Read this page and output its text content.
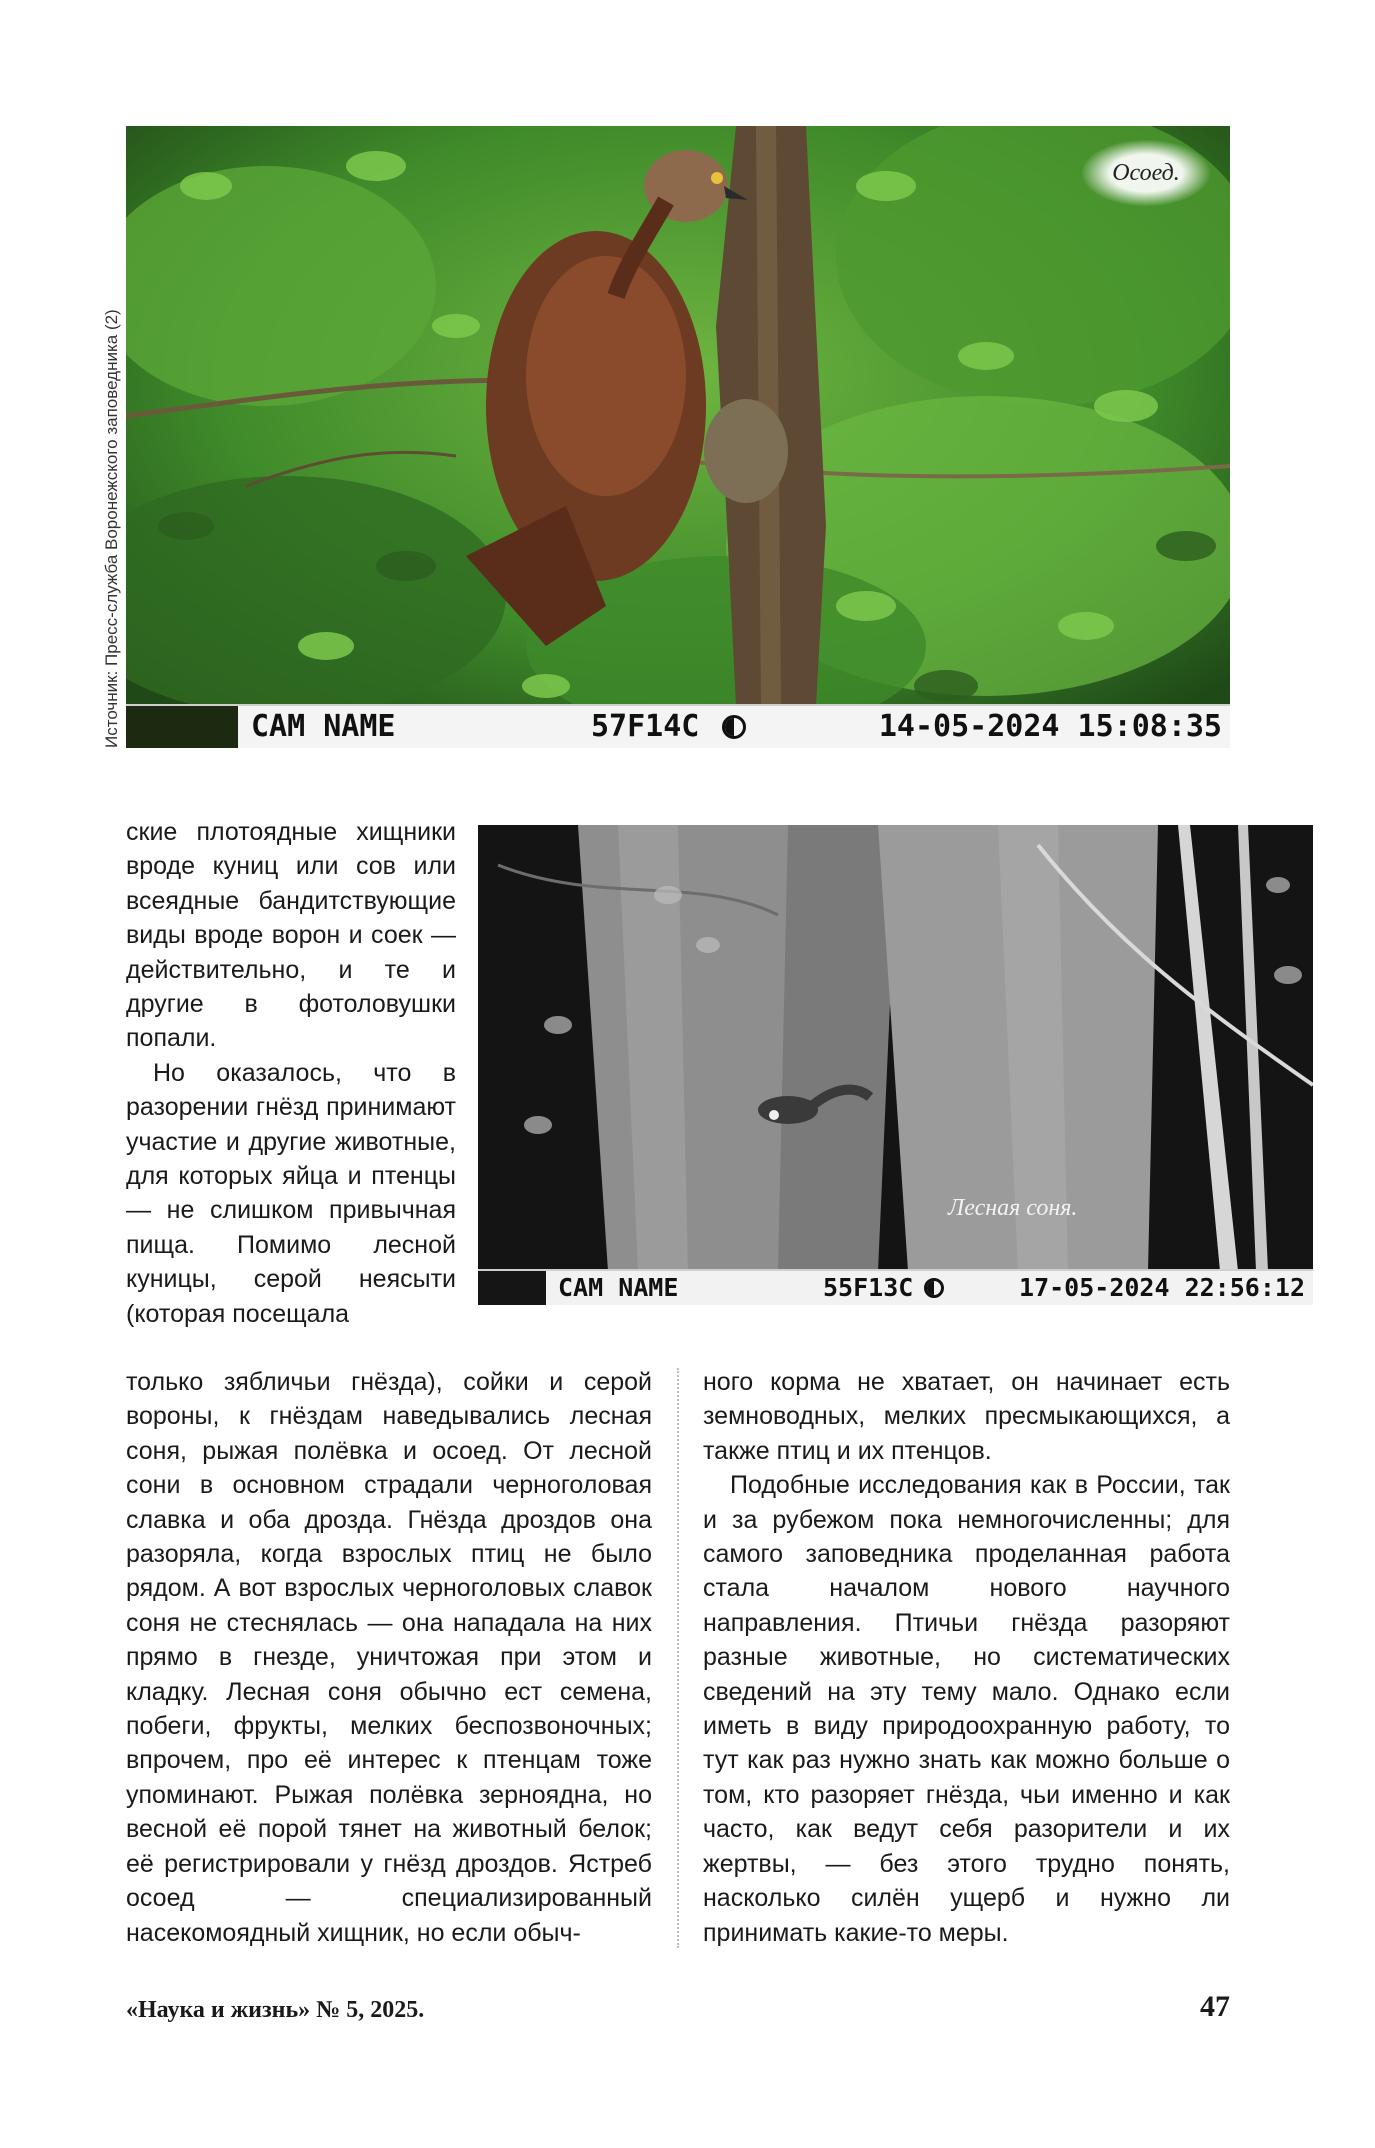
Осоед.
CAM NAME	57F14C	14-05-2024 15:08:35
Источник: Пресс-служба Воронежского заповедника (2)
Лесная соня.
CAM NAME	55F13C	17-05-2024 22:56:12

ские плотоядные хищники вроде куниц или сов или всеядные бандитствующие виды вроде ворон и соек — действительно, и те и другие в фотоловушки попали.

Но оказалось, что в разорении гнёзд принимают участие и другие животные, для которых яйца и птенцы — не слишком привычная пища. Помимо лесной куницы, серой неясыти (которая посещала

только зябличьи гнёзда), сойки и серой вороны, к гнёздам наведывались лесная соня, рыжая полёвка и осоед. От лесной сони в основном страдали черноголовая славка и оба дрозда. Гнёзда дроздов она разоряла, когда взрослых птиц не было рядом. А вот взрослых черноголовых славок соня не стеснялась — она нападала на них прямо в гнезде, уничтожая при этом и кладку. Лесная соня обычно ест семена, побеги, фрукты, мелких беспозвоночных; впрочем, про её интерес к птенцам тоже упоминают. Рыжая полёвка зерноядна, но весной её порой тянет на животный белок; её регистрировали у гнёзд дроздов. Ястреб осоед — специализированный насекомоядный хищник, но если обыч-

ного корма не хватает, он начинает есть земноводных, мелких пресмыкающихся, а также птиц и их птенцов.

Подобные исследования как в России, так и за рубежом пока немногочисленны; для самого заповедника проделанная работа стала началом нового научного направления. Птичьи гнёзда разоряют разные животные, но систематических сведений на эту тему мало. Однако если иметь в виду природоохранную работу, то тут как раз нужно знать как можно больше о том, кто разоряет гнёзда, чьи именно и как часто, как ведут себя разорители и их жертвы, — без этого трудно понять, насколько силён ущерб и нужно ли принимать какие-то меры.

«Наука и жизнь» № 5, 2025.	47
